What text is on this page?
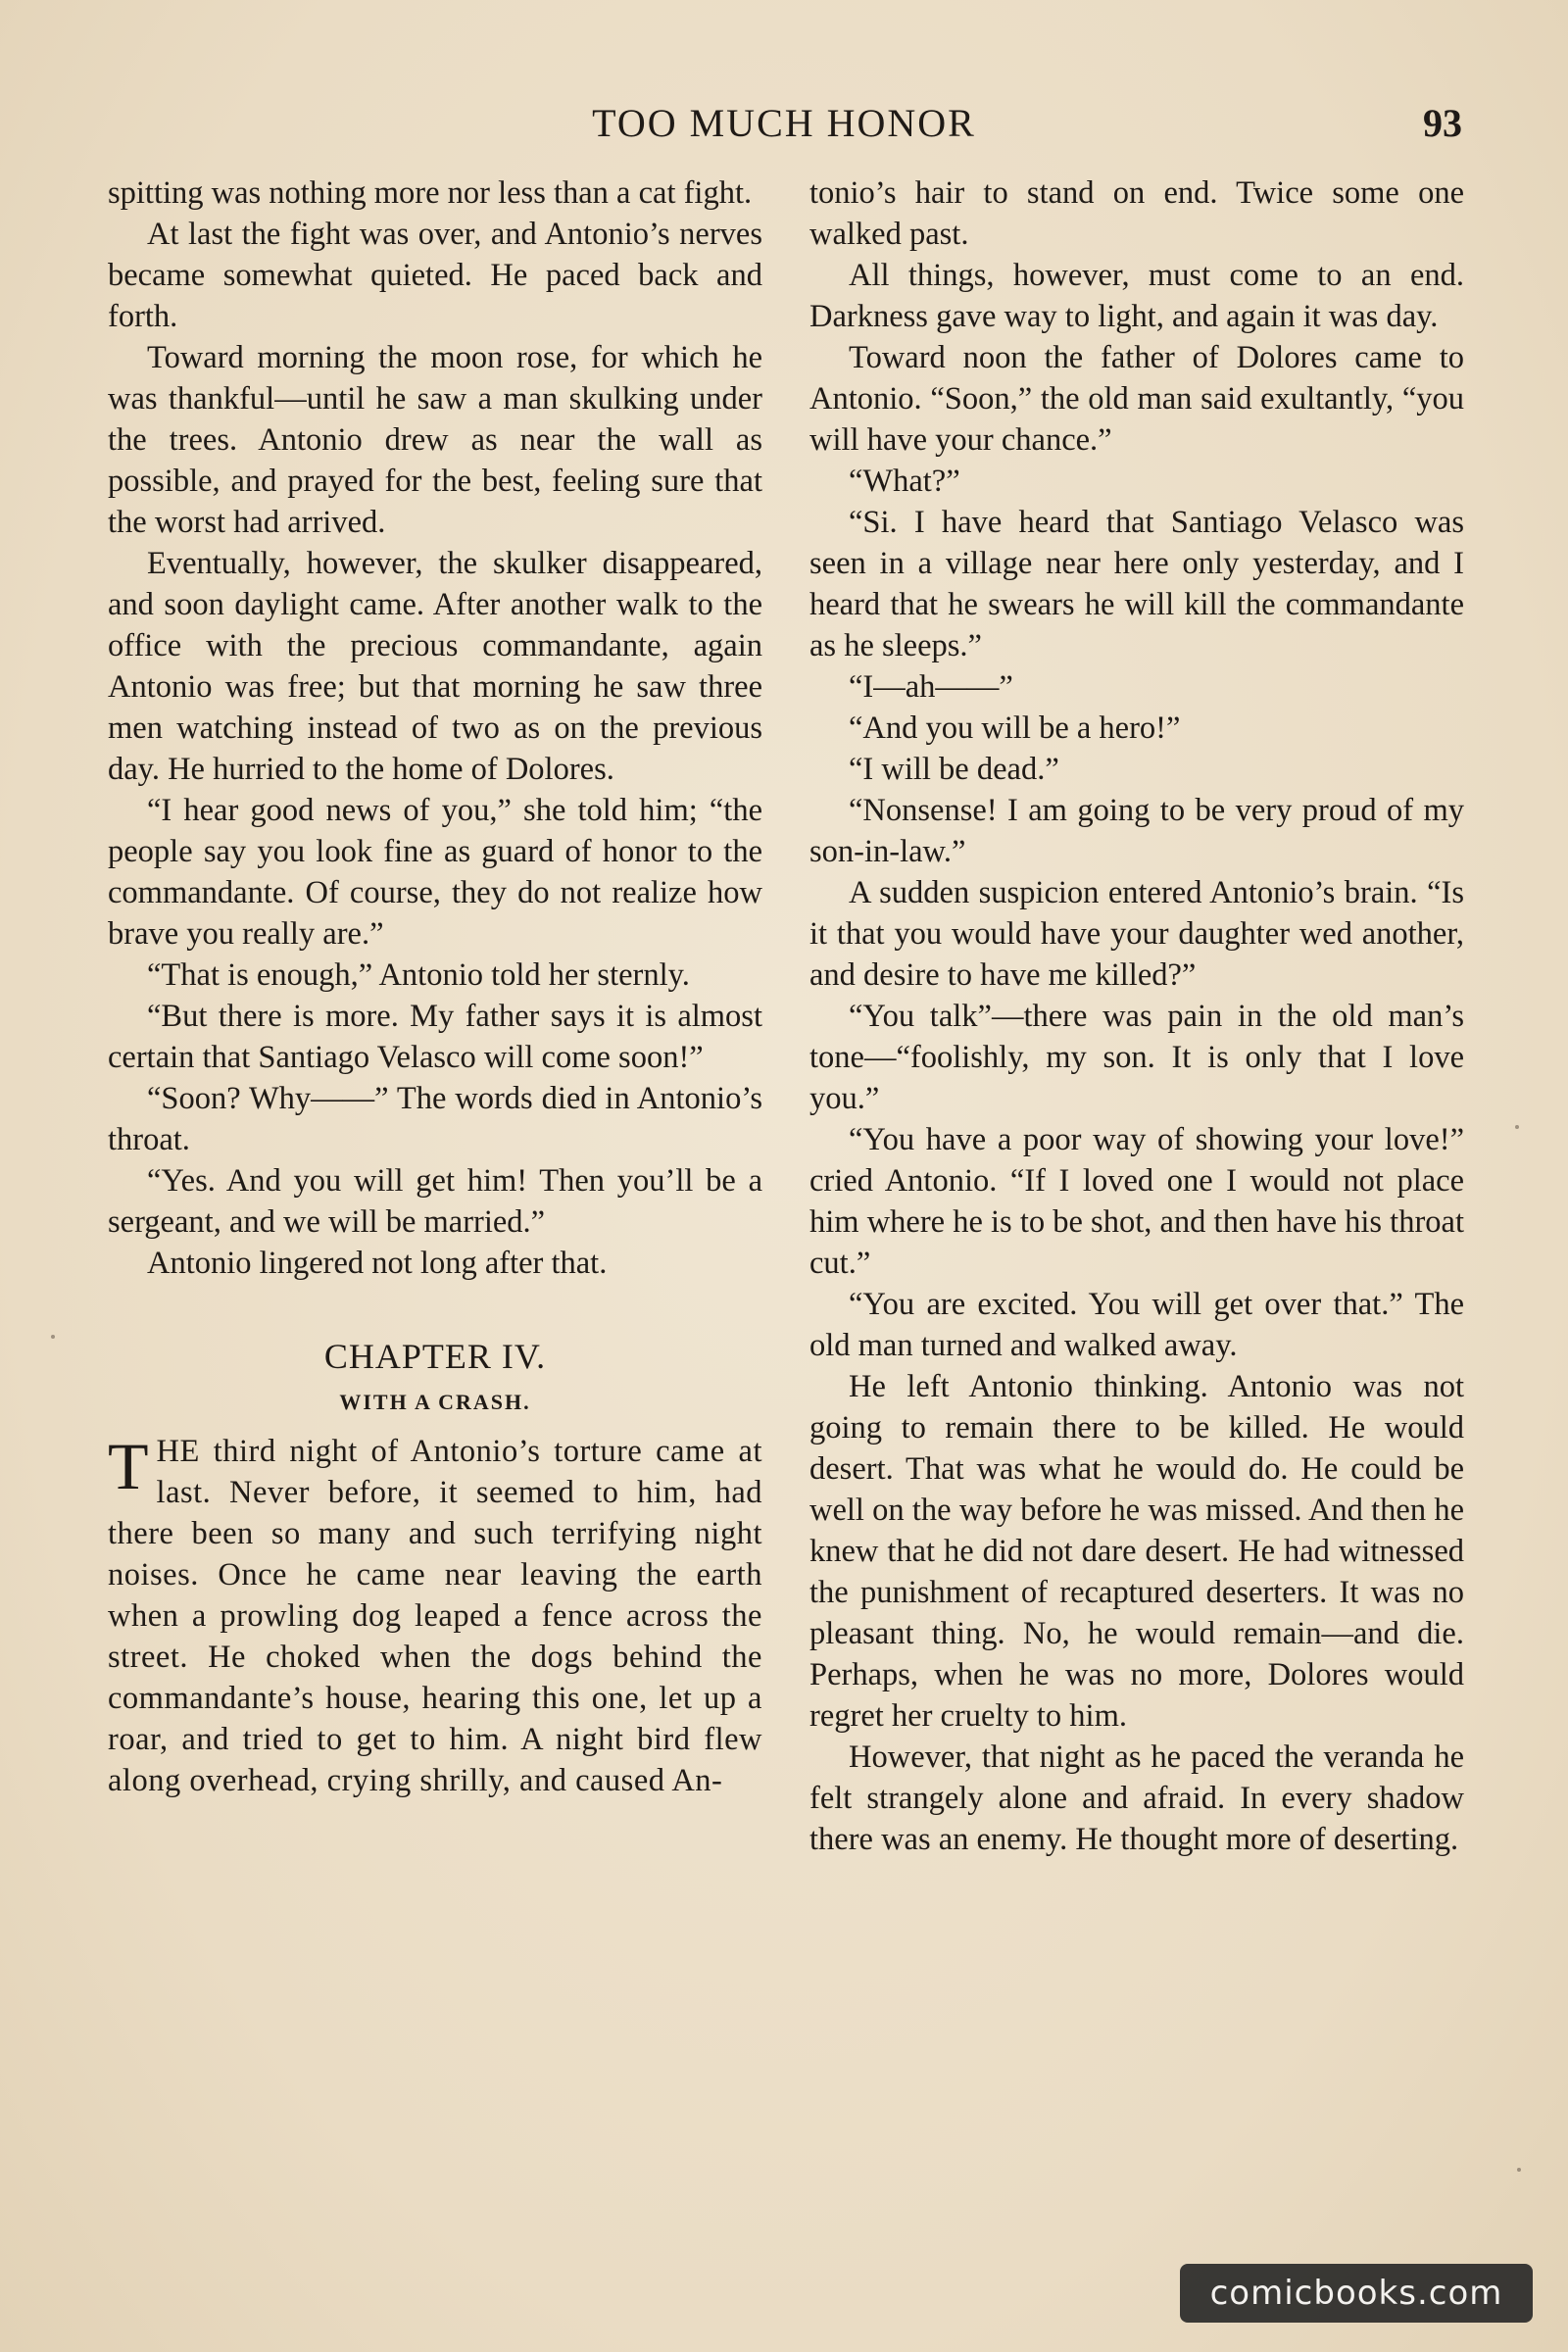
TOO MUCH HONOR	93

spitting was nothing more nor less than a cat fight.

At last the fight was over, and Antonio’s nerves became somewhat quieted. He paced back and forth.

Toward morning the moon rose, for which he was thankful—until he saw a man skulking under the trees. Antonio drew as near the wall as possible, and prayed for the best, feeling sure that the worst had arrived.

Eventually, however, the skulker disappeared, and soon daylight came. After another walk to the office with the precious commandante, again Antonio was free; but that morning he saw three men watching instead of two as on the previous day. He hurried to the home of Dolores.

“I hear good news of you,” she told him; “the people say you look fine as guard of honor to the commandante. Of course, they do not realize how brave you really are.”

“That is enough,” Antonio told her sternly.

“But there is more. My father says it is almost certain that Santiago Velasco will come soon!”

“Soon? Why——” The words died in Antonio’s throat.

“Yes. And you will get him! Then you’ll be a sergeant, and we will be married.”

Antonio lingered not long after that.

CHAPTER IV.
WITH A CRASH.

THE third night of Antonio’s torture came at last. Never before, it seemed to him, had there been so many and such terrifying night noises. Once he came near leaving the earth when a prowling dog leaped a fence across the street. He choked when the dogs behind the commandante’s house, hearing this one, let up a roar, and tried to get to him. A night bird flew along overhead, crying shrilly, and caused An-

tonio’s hair to stand on end. Twice some one walked past.

All things, however, must come to an end. Darkness gave way to light, and again it was day.

Toward noon the father of Dolores came to Antonio. “Soon,” the old man said exultantly, “you will have your chance.”

“What?”

“Si. I have heard that Santiago Velasco was seen in a village near here only yesterday, and I heard that he swears he will kill the commandante as he sleeps.”

“I—ah——”

“And you will be a hero!”

“I will be dead.”

“Nonsense! I am going to be very proud of my son-in-law.”

A sudden suspicion entered Antonio’s brain. “Is it that you would have your daughter wed another, and desire to have me killed?”

“You talk”—there was pain in the old man’s tone—“foolishly, my son. It is only that I love you.”

“You have a poor way of showing your love!” cried Antonio. “If I loved one I would not place him where he is to be shot, and then have his throat cut.”

“You are excited. You will get over that.” The old man turned and walked away.

He left Antonio thinking. Antonio was not going to remain there to be killed. He would desert. That was what he would do. He could be well on the way before he was missed. And then he knew that he did not dare desert. He had witnessed the punishment of recaptured deserters. It was no pleasant thing. No, he would remain—and die. Perhaps, when he was no more, Dolores would regret her cruelty to him.

However, that night as he paced the veranda he felt strangely alone and afraid. In every shadow there was an enemy. He thought more of deserting.

comicbooks.com
